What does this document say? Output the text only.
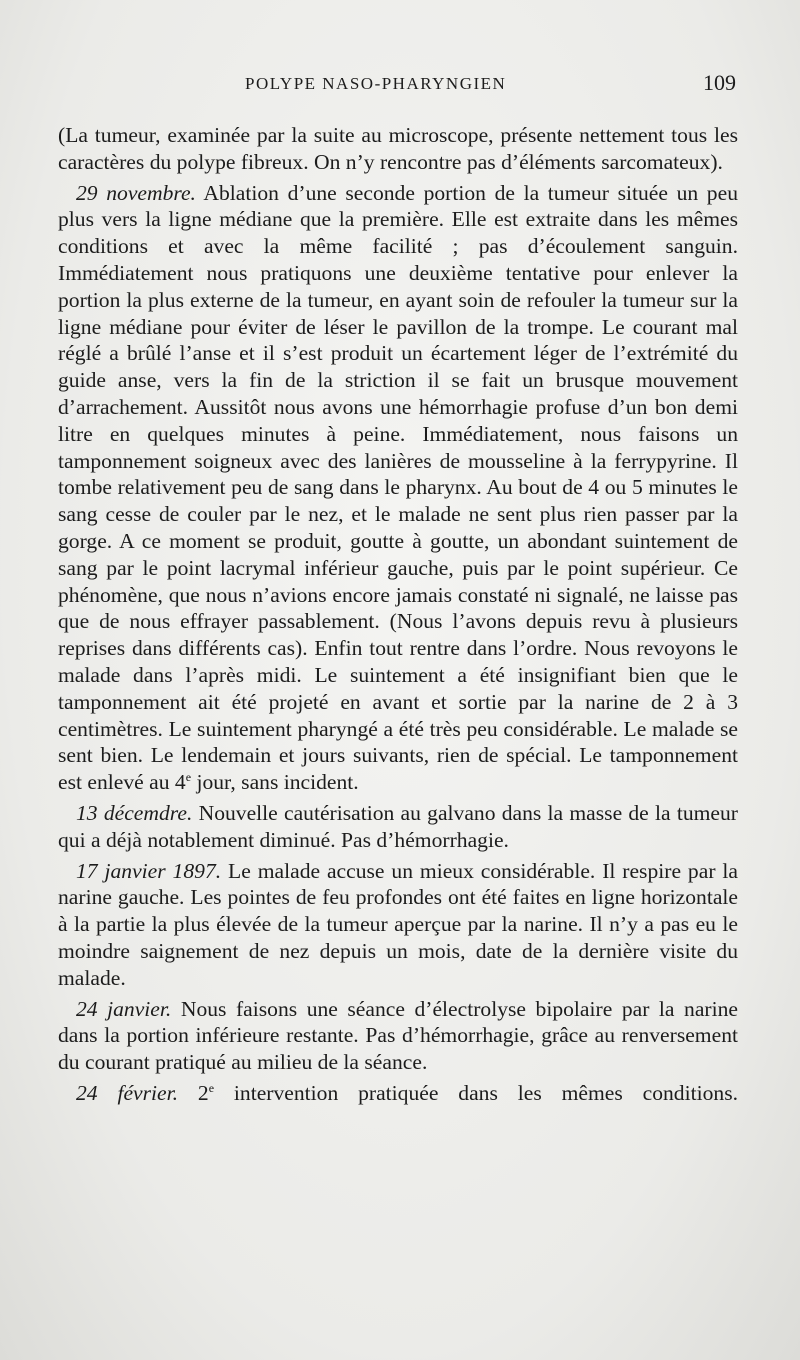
POLYPE NASO-PHARYNGIEN	109

(La tumeur, examinée par la suite au microscope, présente nettement tous les caractères du polype fibreux. On n’y rencontre pas d’éléments sarcomateux).

29 novembre. Ablation d’une seconde portion de la tumeur située un peu plus vers la ligne médiane que la première. Elle est extraite dans les mêmes conditions et avec la même facilité ; pas d’écoulement sanguin. Immédiatement nous pratiquons une deuxième tentative pour enlever la portion la plus externe de la tumeur, en ayant soin de refouler la tumeur sur la ligne médiane pour éviter de léser le pavillon de la trompe. Le courant mal réglé a brûlé l’anse et il s’est produit un écartement léger de l’extrémité du guide anse, vers la fin de la striction il se fait un brusque mouvement d’arrachement. Aussitôt nous avons une hémorrhagie profuse d’un bon demi litre en quelques minutes à peine. Immédiatement, nous faisons un tamponnement soigneux avec des lanières de mousseline à la ferrypyrine. Il tombe relativement peu de sang dans le pharynx. Au bout de 4 ou 5 minutes le sang cesse de couler par le nez, et le malade ne sent plus rien passer par la gorge. A ce moment se produit, goutte à goutte, un abondant suintement de sang par le point lacrymal inférieur gauche, puis par le point supérieur. Ce phénomène, que nous n’avions encore jamais constaté ni signalé, ne laisse pas que de nous effrayer passablement. (Nous l’avons depuis revu à plusieurs reprises dans différents cas). Enfin tout rentre dans l’ordre. Nous revoyons le malade dans l’après midi. Le suintement a été insignifiant bien que le tamponnement ait été projeté en avant et sortie par la narine de 2 à 3 centimètres. Le suintement pharyngé a été très peu considérable. Le malade se sent bien. Le lendemain et jours suivants, rien de spécial. Le tamponnement est enlevé au 4e jour, sans incident.

13 décemdre. Nouvelle cautérisation au galvano dans la masse de la tumeur qui a déjà notablement diminué. Pas d’hémorrhagie.

17 janvier 1897. Le malade accuse un mieux considérable. Il respire par la narine gauche. Les pointes de feu profondes ont été faites en ligne horizontale à la partie la plus élevée de la tumeur aperçue par la narine. Il n’y a pas eu le moindre saignement de nez depuis un mois, date de la dernière visite du malade.

24 janvier. Nous faisons une séance d’électrolyse bipolaire par la narine dans la portion inférieure restante. Pas d’hémorrhagie, grâce au renversement du courant pratiqué au milieu de la séance.

24 février. 2e intervention pratiquée dans les mêmes conditions.
